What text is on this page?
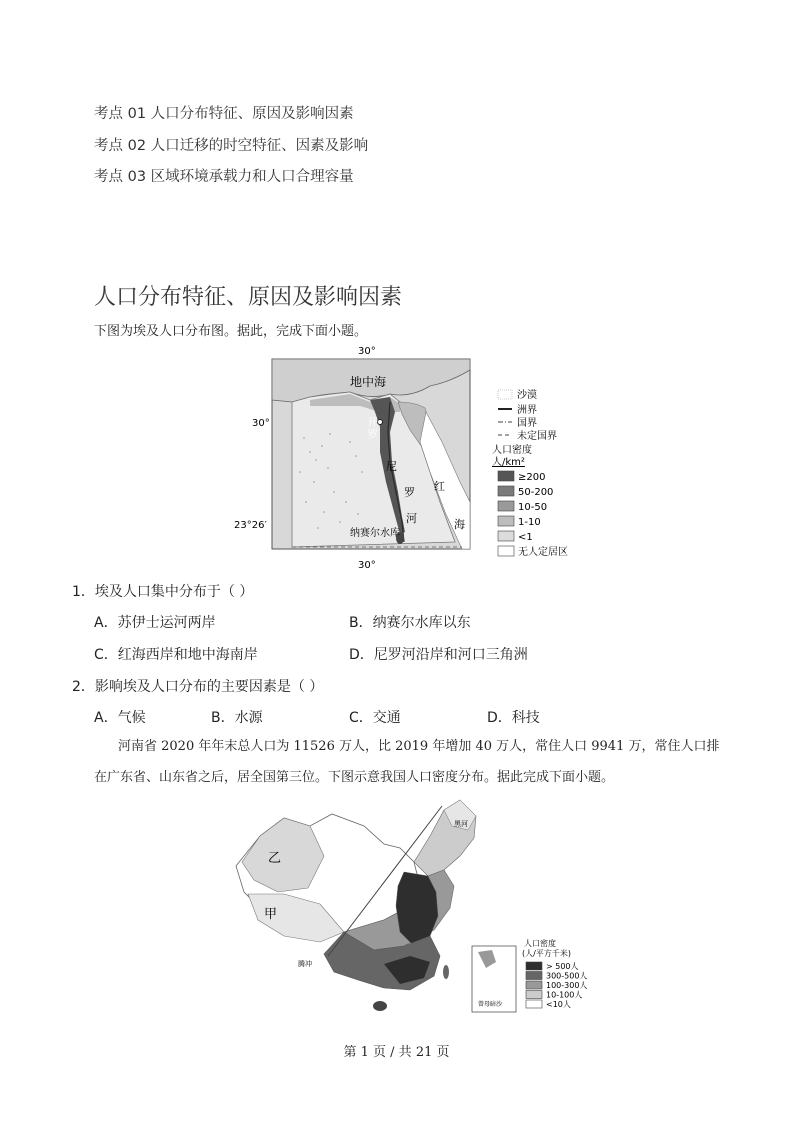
考点 01 人口分布特征、原因及影响因素
考点 02 人口迁移的时空特征、因素及影响
考点 03 区域环境承载力和人口合理容量
人口分布特征、原因及影响因素
下图为埃及人口分布图。据此，完成下面小题。
30°
30°
30°
23°26′
地中海
开
罗
尼
罗
河
红
海
纳赛尔水库
沙漠
洲界
国界
未定国界
人口密度
人/km²
≥200
50-200
10-50
1-10
<1
无人定居区
1．埃及人口集中分布于（ ）
A．苏伊士运河两岸	B．纳赛尔水库以东
C．红海西岸和地中海南岸	D．尼罗河沿岸和河口三角洲
2．影响埃及人口分布的主要因素是（ ）
A．气候	B．水源	C．交通	D．科技
河南省 2020 年年末总人口为 11526 万人，比 2019 年增加 40 万人，常住人口 9941 万，常住人口排
在广东省、山东省之后，居全国第三位。下图示意我国人口密度分布。据此完成下面小题。
乙
甲
黑河
腾冲
曾母暗沙
人口密度
(人/平方千米)
> 500人
300-500人
100-300人
10-100人
<10人
第 1 页 / 共 21 页
